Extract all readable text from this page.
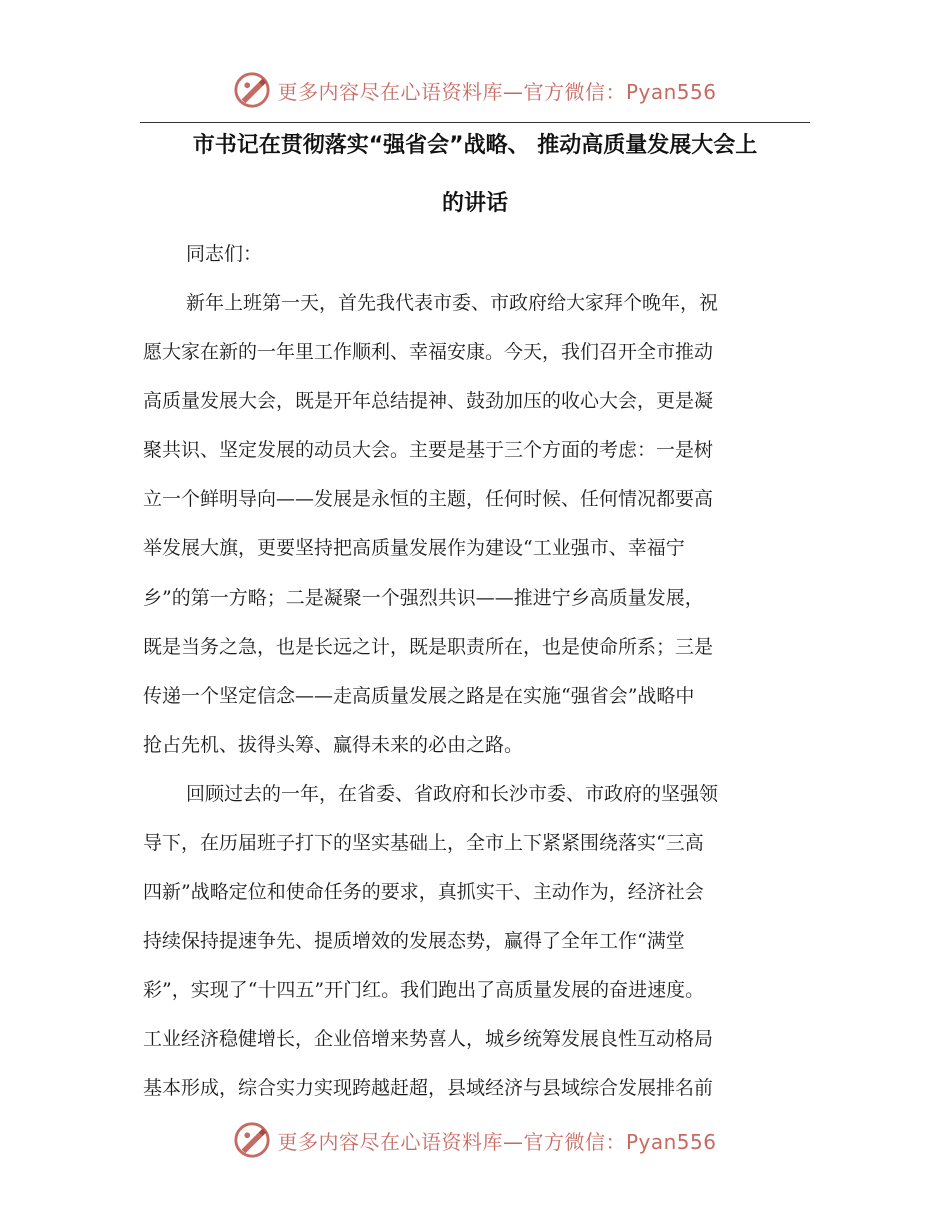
更多内容尽在心语资料库—官方微信：Pyan556
市书记在贯彻落实“强省会”战略、 推动高质量发展大会上
的讲话
同志们：
新年上班第一天，首先我代表市委、市政府给大家拜个晚年，祝
愿大家在新的一年里工作顺利、幸福安康。今天，我们召开全市推动
高质量发展大会，既是开年总结提神、鼓劲加压的收心大会，更是凝
聚共识、坚定发展的动员大会。主要是基于三个方面的考虑：一是树
立一个鲜明导向——发展是永恒的主题，任何时候、任何情况都要高
举发展大旗，更要坚持把高质量发展作为建设“工业强市、幸福宁
乡”的第一方略；二是凝聚一个强烈共识——推进宁乡高质量发展，
既是当务之急，也是长远之计，既是职责所在，也是使命所系；三是
传递一个坚定信念——走高质量发展之路是在实施“强省会”战略中
抢占先机、拔得头筹、赢得未来的必由之路。
回顾过去的一年，在省委、省政府和长沙市委、市政府的坚强领
导下，在历届班子打下的坚实基础上，全市上下紧紧围绕落实“三高
四新”战略定位和使命任务的要求，真抓实干、主动作为，经济社会
持续保持提速争先、提质增效的发展态势，赢得了全年工作“满堂
彩”，实现了“十四五”开门红。我们跑出了高质量发展的奋进速度。
工业经济稳健增长，企业倍增来势喜人，城乡统筹发展良性互动格局
基本形成，综合实力实现跨越赶超，县域经济与县域综合发展排名前
更多内容尽在心语资料库—官方微信：Pyan556
